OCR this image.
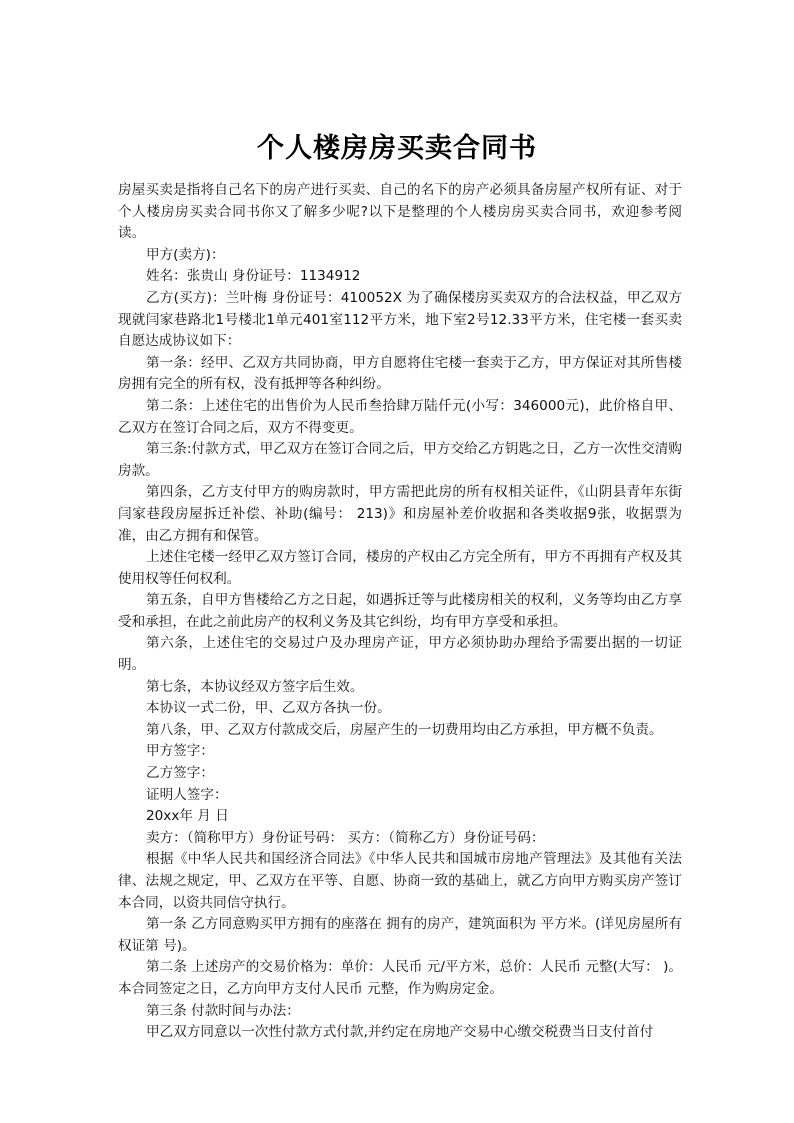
个人楼房房买卖合同书

房屋买卖是指将自己名下的房产进行买卖、自己的名下的房产必须具备房屋产权所有证、对于个人楼房房买卖合同书你又了解多少呢?以下是整理的个人楼房房买卖合同书，欢迎参考阅读。

甲方(卖方)：

姓名：张贵山 身份证号：1134912

乙方(买方)：兰叶梅 身份证号：410052X 为了确保楼房买卖双方的合法权益，甲乙双方现就闫家巷路北1号楼北1单元401室112平方米，地下室2号12.33平方米，住宅楼一套买卖自愿达成协议如下：

第一条：经甲、乙双方共同协商，甲方自愿将住宅楼一套卖于乙方，甲方保证对其所售楼房拥有完全的所有权，没有抵押等各种纠纷。

第二条：上述住宅的出售价为人民币叁拾肆万陆仟元(小写：346000元)，此价格自甲、乙双方在签订合同之后，双方不得变更。

第三条:付款方式，甲乙双方在签订合同之后，甲方交给乙方钥匙之日，乙方一次性交清购房款。

第四条，乙方支付甲方的购房款时，甲方需把此房的所有权相关证件，《山阴县青年东街闫家巷段房屋拆迁补偿、补助(编号： 213)》和房屋补差价收据和各类收据9张，收据票为准，由乙方拥有和保管。

上述住宅楼一经甲乙双方签订合同，楼房的产权由乙方完全所有，甲方不再拥有产权及其使用权等任何权利。

第五条，自甲方售楼给乙方之日起，如遇拆迁等与此楼房相关的权利，义务等均由乙方享受和承担，在此之前此房产的权利义务及其它纠纷，均有甲方享受和承担。

第六条，上述住宅的交易过户及办理房产证，甲方必须协助办理给予需要出据的一切证明。

第七条，本协议经双方签字后生效。

本协议一式二份，甲、乙双方各执一份。

第八条，甲、乙双方付款成交后，房屋产生的一切费用均由乙方承担，甲方概不负责。

甲方签字：

乙方签字：

证明人签字：

20xx年 月 日

卖方：（简称甲方）身份证号码： 买方：（简称乙方）身份证号码：

根据《中华人民共和国经济合同法》《中华人民共和国城市房地产管理法》及其他有关法律、法规之规定，甲、乙双方在平等、自愿、协商一致的基础上，就乙方向甲方购买房产签订本合同，以资共同信守执行。

第一条 乙方同意购买甲方拥有的座落在 拥有的房产，建筑面积为 平方米。(详见房屋所有权证第 号)。

第二条 上述房产的交易价格为：单价：人民币 元/平方米，总价：人民币 元整(大写： )。本合同签定之日，乙方向甲方支付人民币 元整，作为购房定金。

第三条 付款时间与办法：

甲乙双方同意以一次性付款方式付款,并约定在房地产交易中心缴交税费当日支付首付
